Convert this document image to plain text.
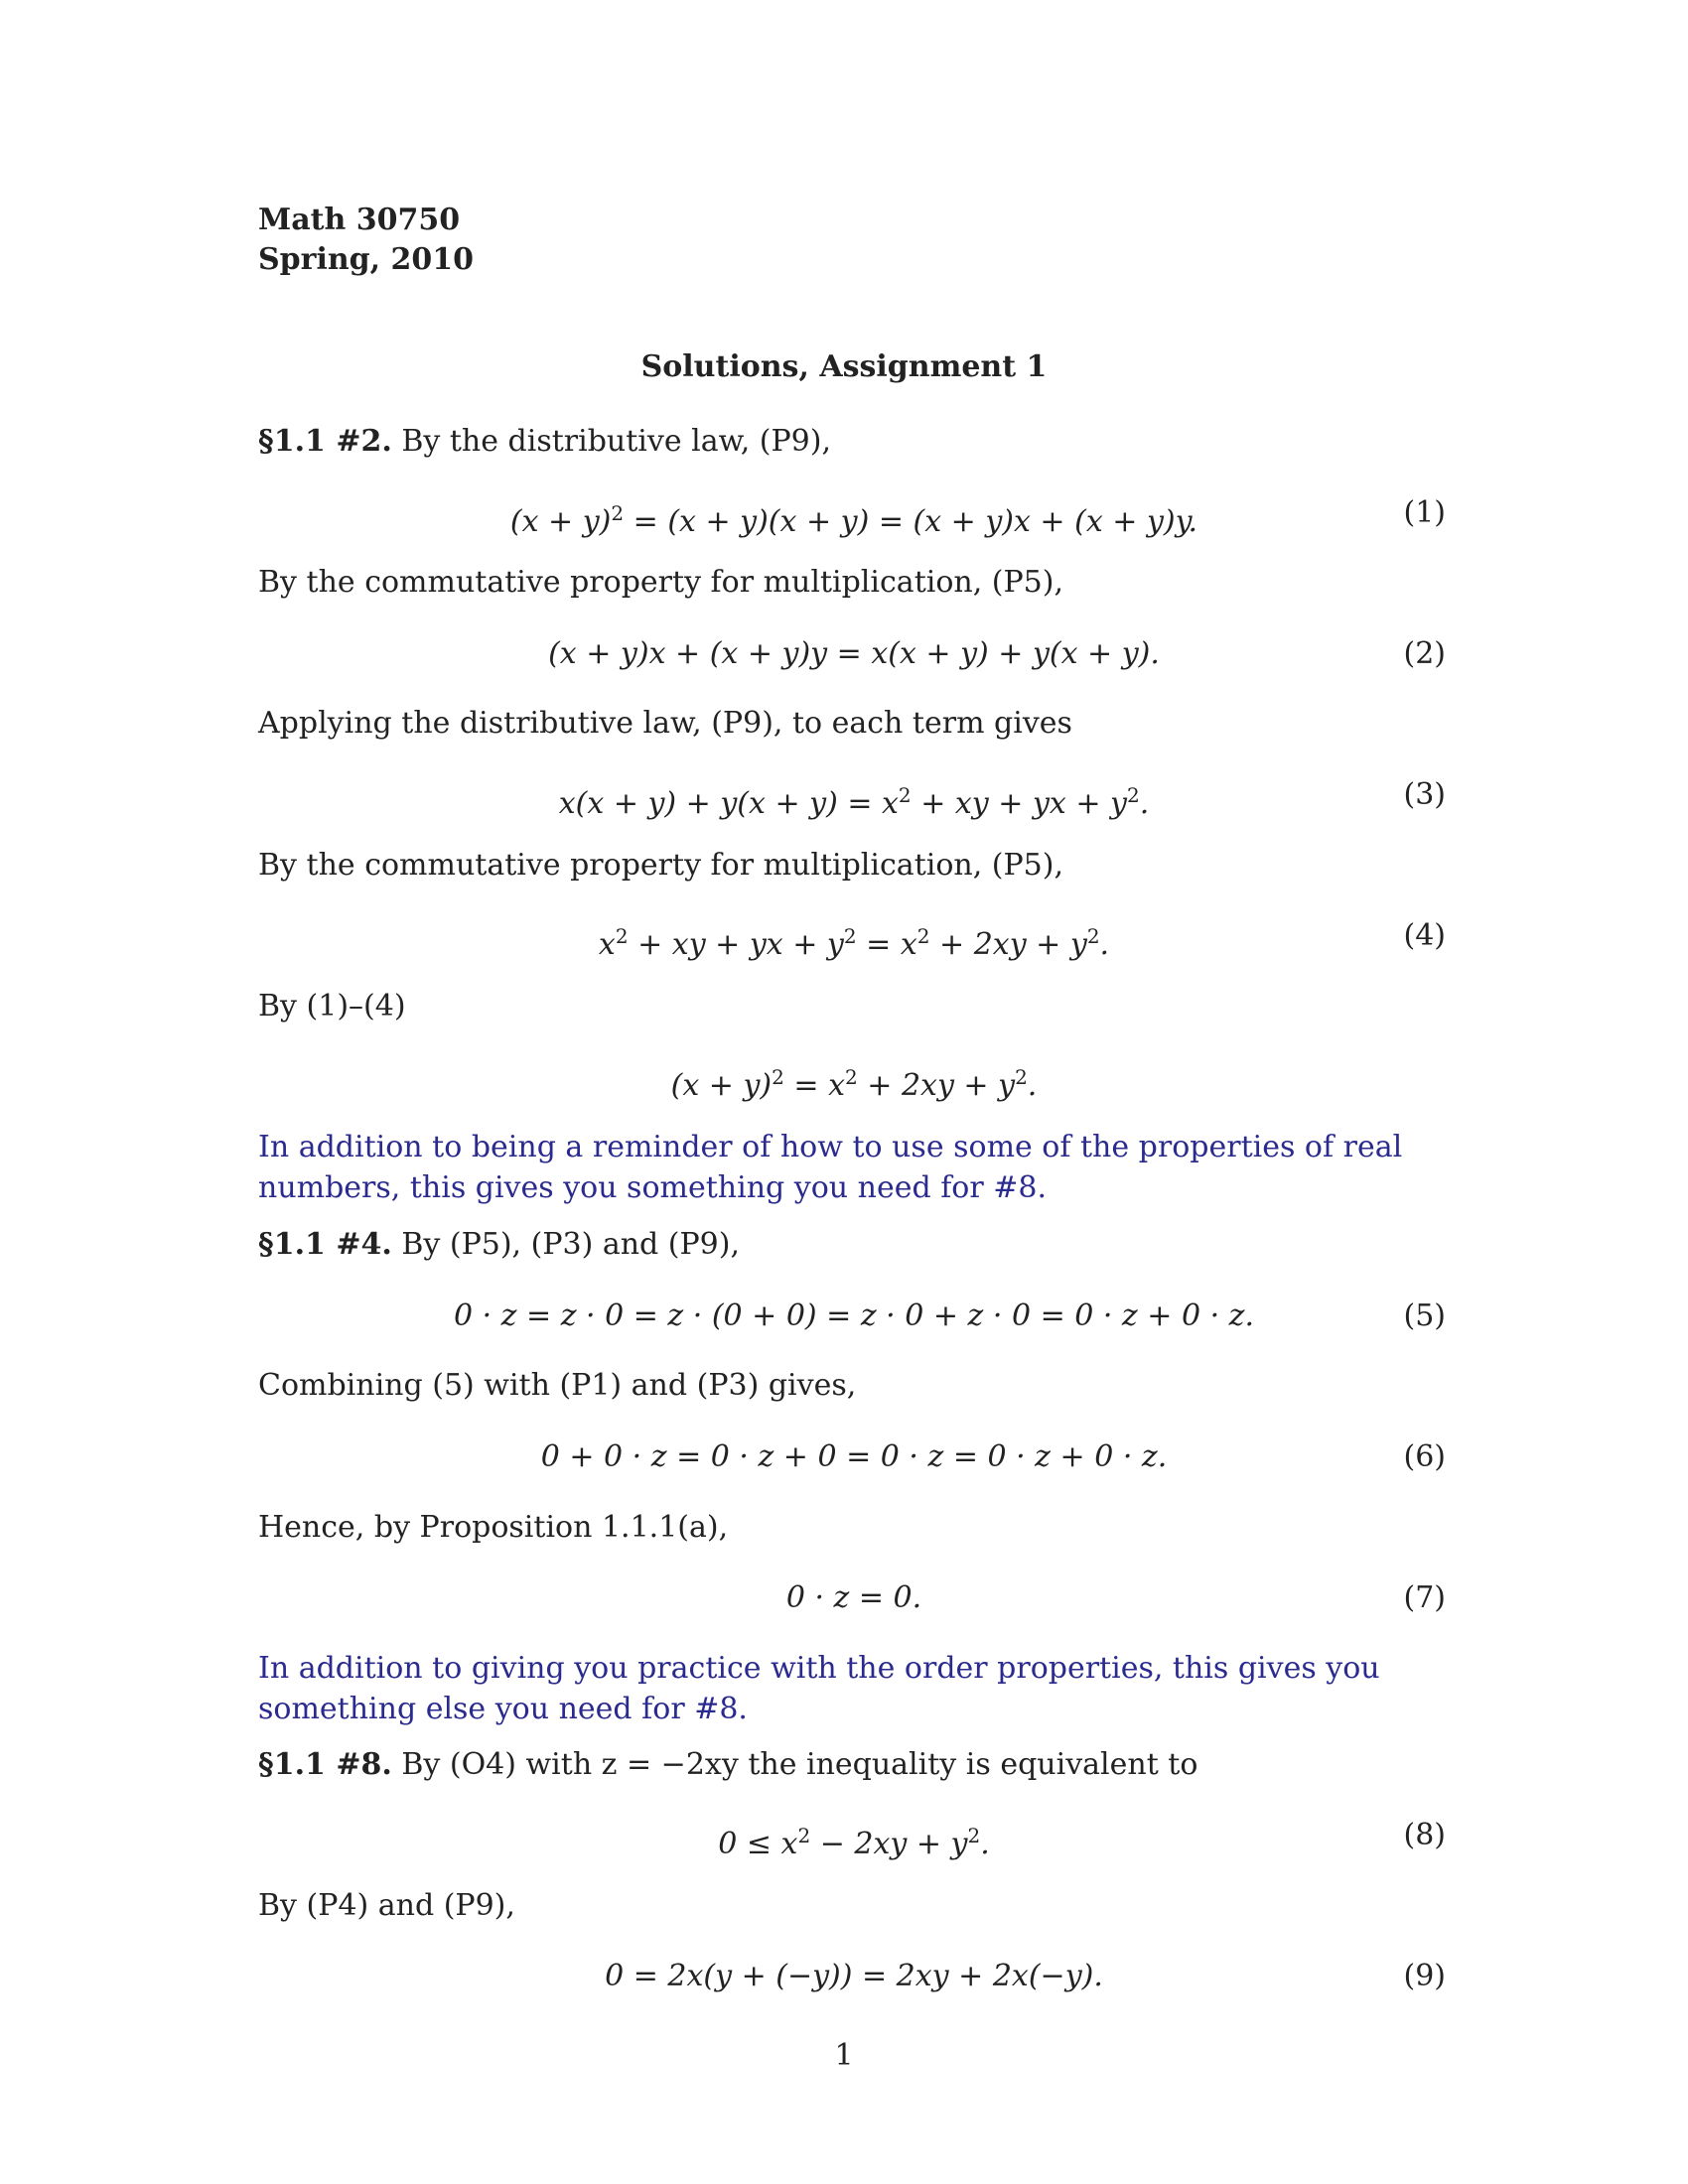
Math 30750
Spring, 2010
Solutions, Assignment 1
§1.1 #2. By the distributive law, (P9),
$(x + y)^2 = (x + y)(x + y) = (x + y)x + (x + y)y$.	(1)
By the commutative property for multiplication, (P5),
(x + y)x + (x + y)y = x(x + y) + y(x + y).	(2)
Applying the distributive law, (P9), to each term gives
$x(x + y) + y(x + y) = x^2$ + xy + yx + $y^2$.	(3)
By the commutative property for multiplication, (P5),
$x^2$ + xy + yx + $y^2 = x^2 + 2xy + y^2$.	(4)
By (1)–(4)
$(x + y)^2 = x^2 + 2xy + y^2$.
In addition to being a reminder of how to use some of the properties of real numbers, this gives you something you need for #8.
§1.1 #4. By (P5), (P3) and (P9),
0 · z = z · 0 = z · (0 + 0) = z · 0 + z · 0 = 0 · z + 0 · z.	(5)
Combining (5) with (P1) and (P3) gives,
0 + 0 · z = 0 · z + 0 = 0 · z = 0 · z + 0 · z.	(6)
Hence, by Proposition 1.1.1(a),
0 · z = 0.	(7)
In addition to giving you practice with the order properties, this gives you something else you need for #8.
§1.1 #8. By (O4) with z = −2xy the inequality is equivalent to
$0 \le x^2 - 2xy + y^2$.	(8)
By (P4) and (P9),
0 = 2x(y + (−y)) = 2xy + 2x(−y).	(9)
1
